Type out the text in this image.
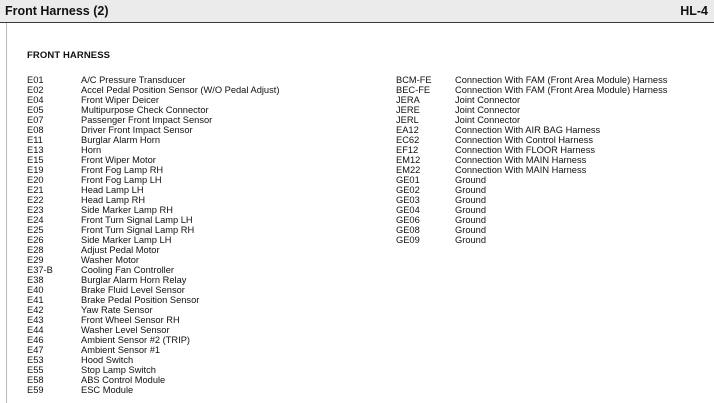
Front Harness (2)	HL-4
FRONT HARNESS
E01	A/C Pressure Transducer
E02	Accel Pedal Position Sensor (W/O Pedal Adjust)
E04	Front Wiper Deicer
E05	Multipurpose Check Connector
E07	Passenger Front Impact Sensor
E08	Driver Front Impact Sensor
E11	Burglar Alarm Horn
E13	Horn
E15	Front Wiper Motor
E19	Front Fog Lamp RH
E20	Front Fog Lamp LH
E21	Head Lamp LH
E22	Head Lamp RH
E23	Side Marker Lamp RH
E24	Front Turn Signal Lamp LH
E25	Front Turn Signal Lamp RH
E26	Side Marker Lamp LH
E28	Adjust Pedal Motor
E29	Washer Motor
E37-B	Cooling Fan Controller
E38	Burglar Alarm Horn Relay
E40	Brake Fluid Level Sensor
E41	Brake Pedal Position Sensor
E42	Yaw Rate Sensor
E43	Front Wheel Sensor RH
E44	Washer Level Sensor
E46	Ambient Sensor #2 (TRIP)
E47	Ambient Sensor #1
E53	Hood Switch
E55	Stop Lamp Switch
E58	ABS Control Module
E59	ESC Module
BCM-FE	Connection With FAM (Front Area Module) Harness
BEC-FE	Connection With FAM (Front Area Module) Harness
JERA	Joint Connector
JERE	Joint Connector
JERL	Joint Connector
EA12	Connection With AIR BAG Harness
EC62	Connection With Control Harness
EF12	Connection With FLOOR Harness
EM12	Connection With MAIN Harness
EM22	Connection With MAIN Harness
GE01	Ground
GE02	Ground
GE03	Ground
GE04	Ground
GE06	Ground
GE08	Ground
GE09	Ground
